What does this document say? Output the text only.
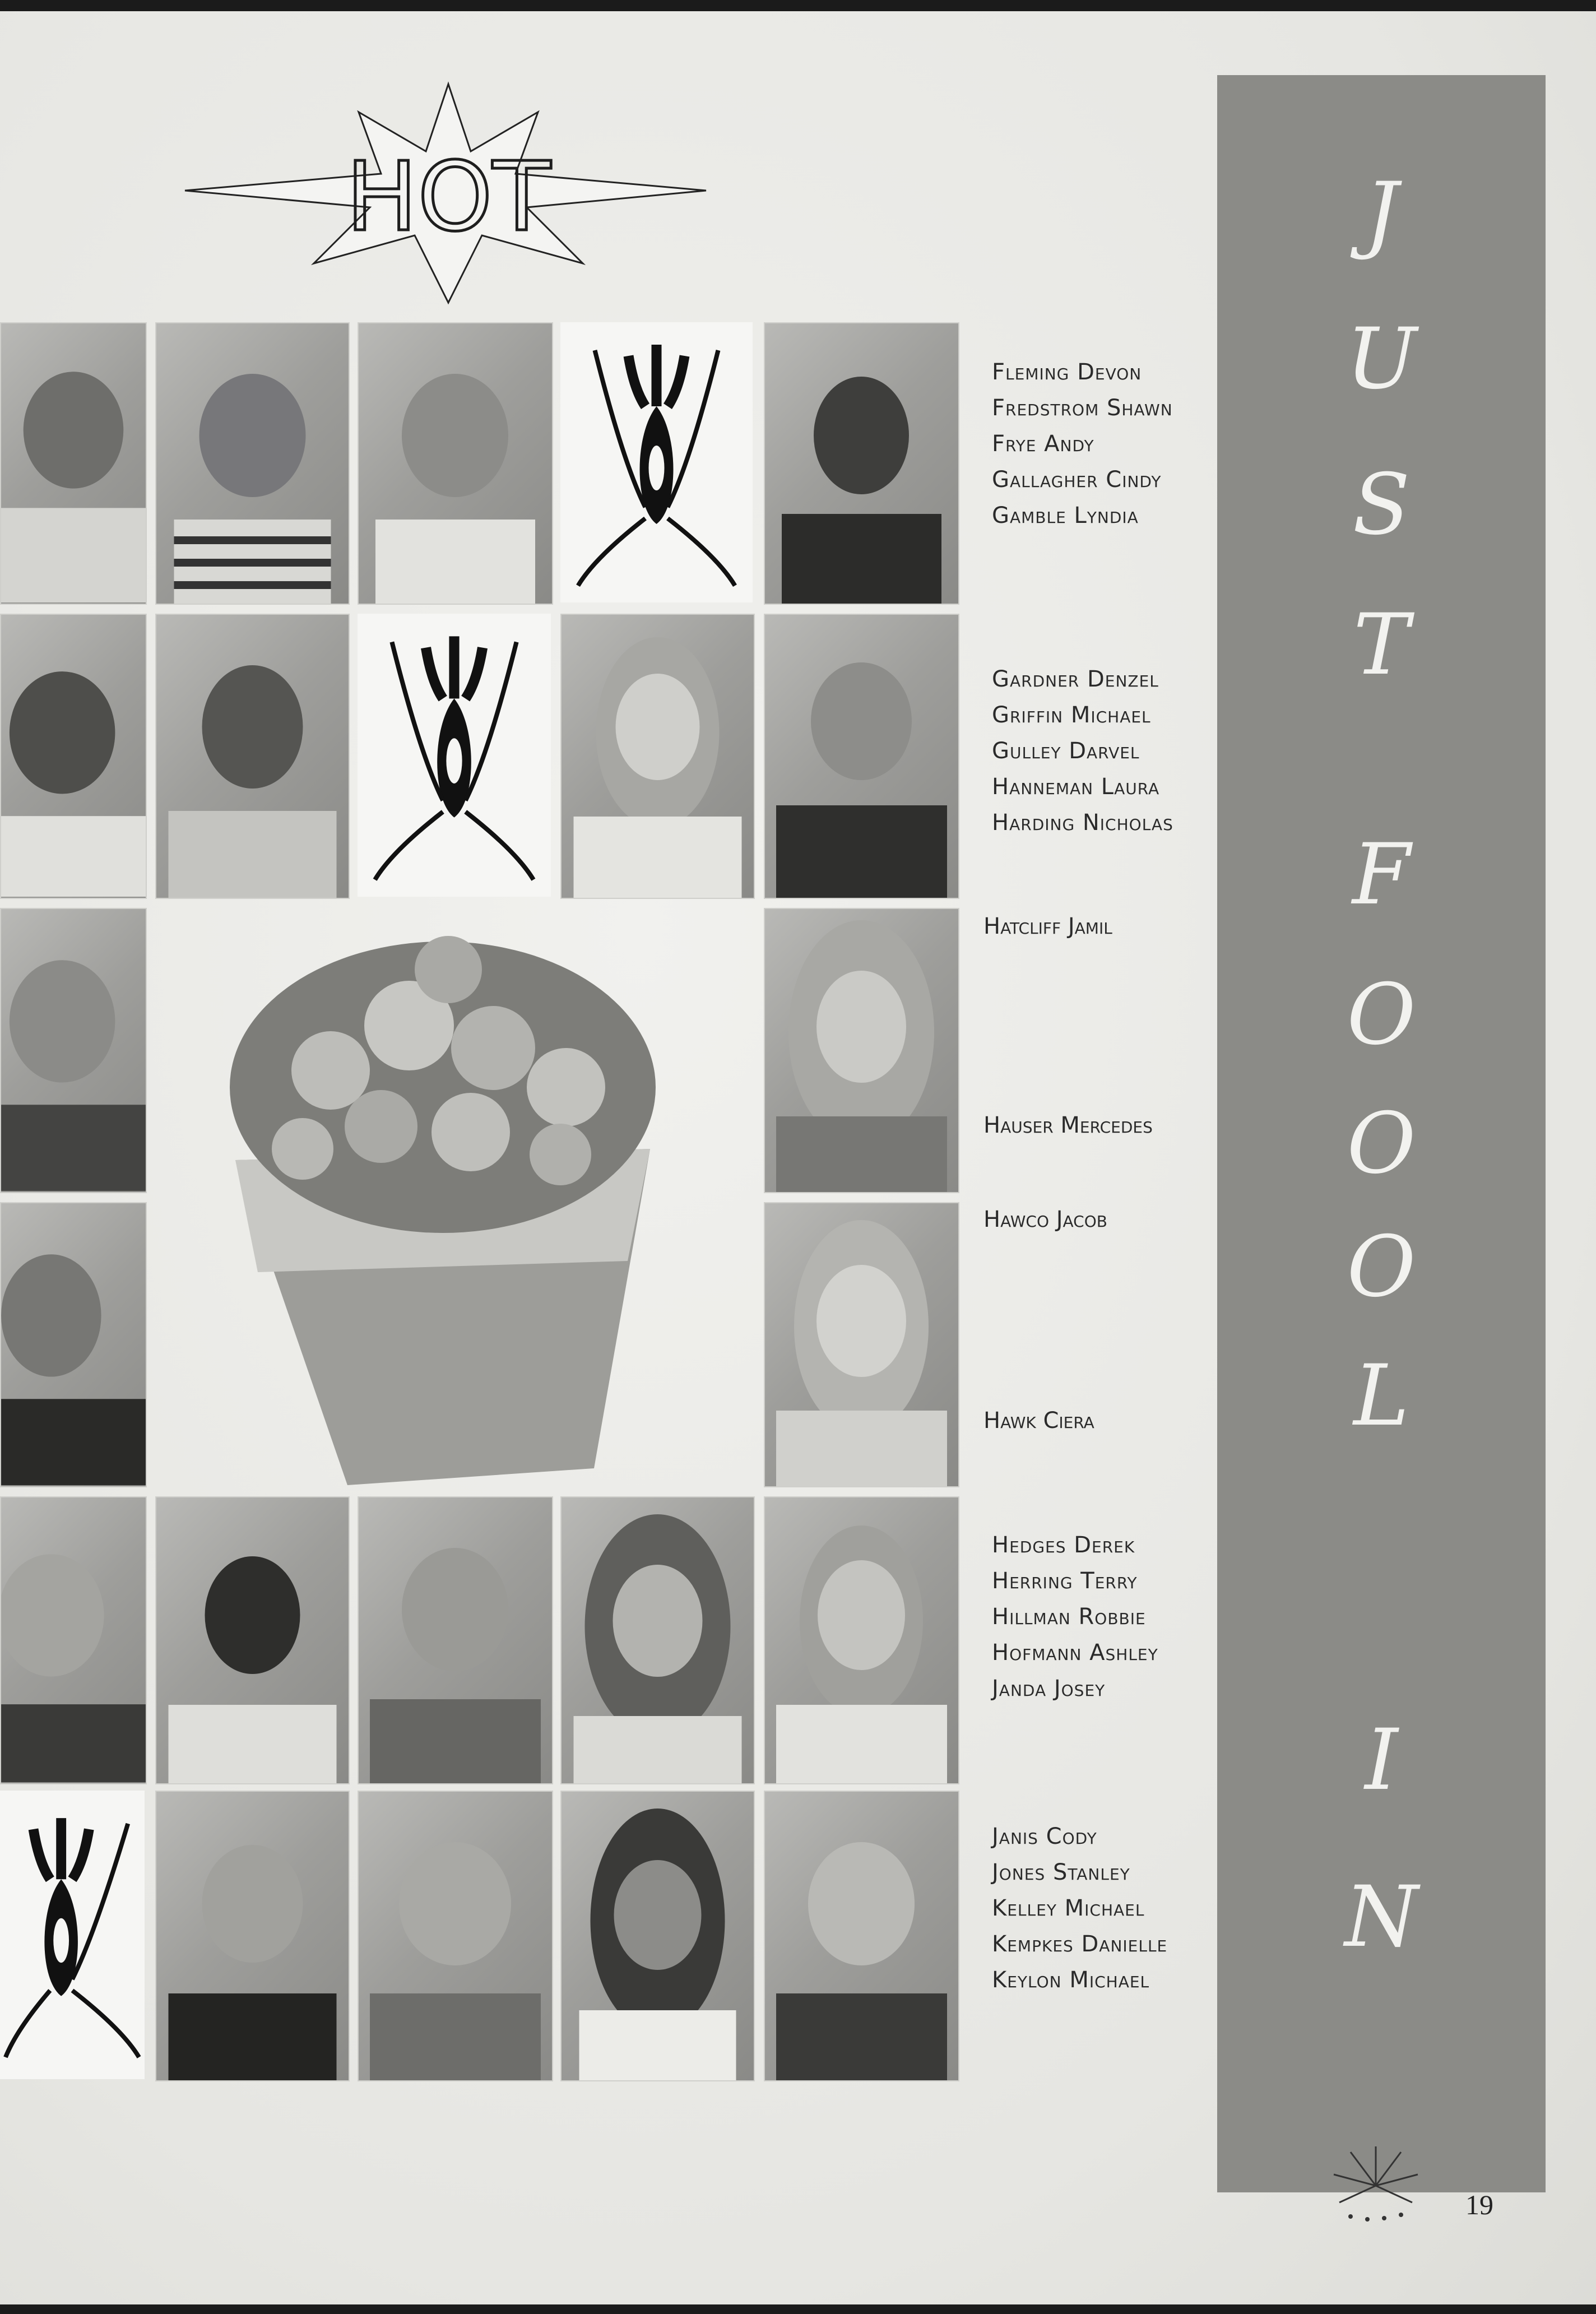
HOT
Fleming Devon
Fredstrom Shawn
Frye Andy
Gallagher Cindy
Gamble Lyndia
Gardner Denzel
Griffin Michael
Gulley Darvel
Hanneman Laura
Harding Nicholas
Hatcliff Jamil
Hauser Mercedes
Hawco Jacob
Hawk Ciera
Hedges Derek
Herring Terry
Hillman Robbie
Hofmann Ashley
Janda Josey
Janis Cody
Jones Stanley
Kelley Michael
Kempkes Danielle
Keylon Michael
J
U
S
T
F
O
O
O
L
I
N
19
